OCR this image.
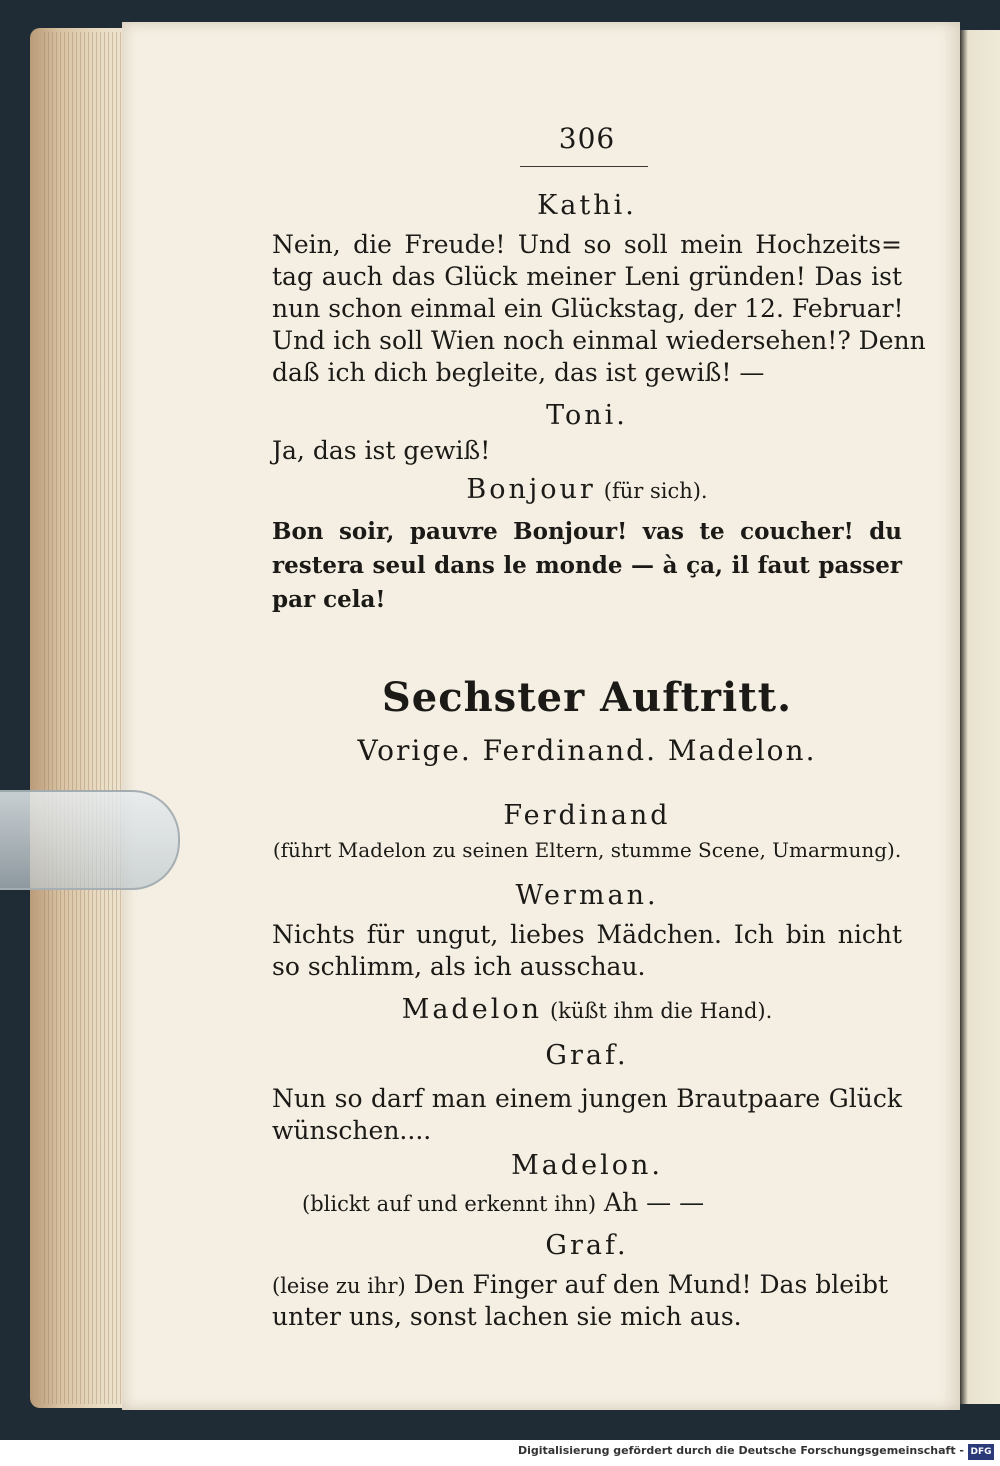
306
Kathi.
Nein, die Freude! Und so soll mein Hochzeits=
tag auch das Glück meiner Leni gründen! Das ist
nun schon einmal ein Glückstag, der 12. Februar!
Und ich soll Wien noch einmal wiedersehen!? Denn
daß ich dich begleite, das ist gewiß! —
Toni.
Ja, das ist gewiß!
Bonjour (für sich).
Bon soir, pauvre Bonjour! vas te coucher! du
restera seul dans le monde — à ça, il faut passer
par cela!
Sechster Auftritt.
Vorige. Ferdinand. Madelon.
Ferdinand
(führt Madelon zu seinen Eltern, stumme Scene, Umarmung).
Werman.
Nichts für ungut, liebes Mädchen. Ich bin nicht
so schlimm, als ich ausschau.
Madelon (küßt ihm die Hand).
Graf.
Nun so darf man einem jungen Brautpaare Glück
wünschen....
Madelon.
(blickt auf und erkennt ihn) Ah — —
Graf.
(leise zu ihr) Den Finger auf den Mund! Das bleibt
unter uns, sonst lachen sie mich aus.
Digitalisierung gefördert durch die Deutsche Forschungsgemeinschaft - DFG
